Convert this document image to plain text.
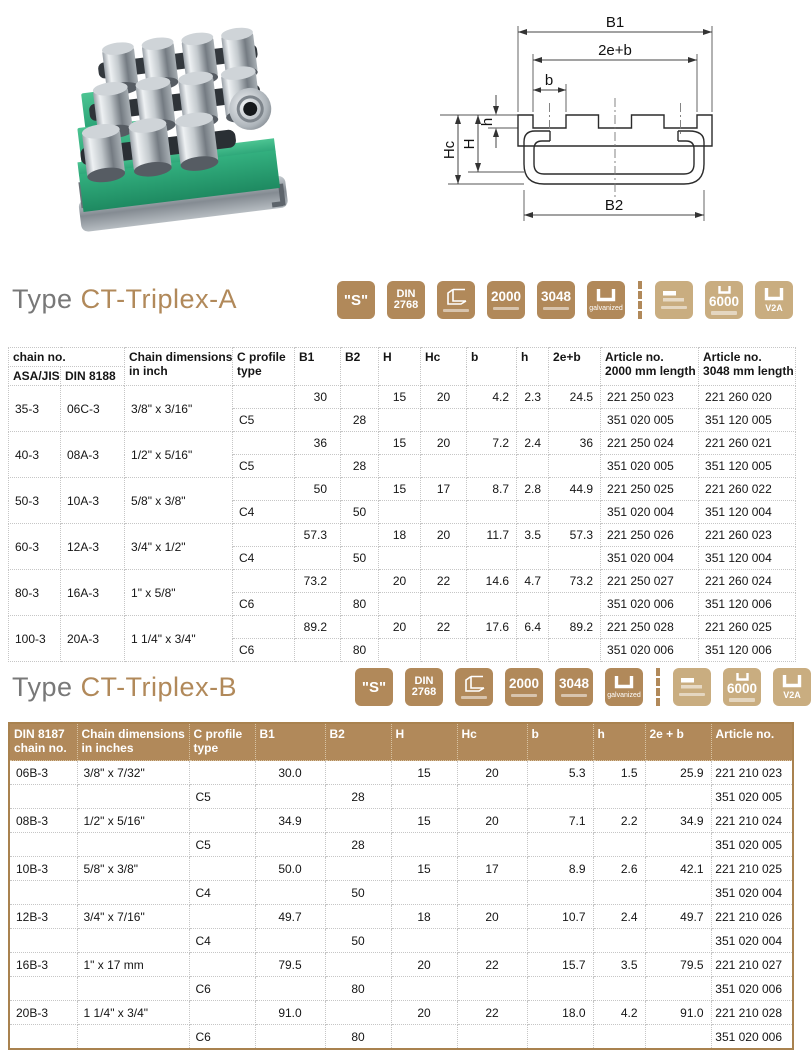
B1
2e+b
b
h
H
Hc
B2
Type CT-Triplex-A	"S"	DIN
2768
2000 3048
galvanized	6000	V2A
chain no.	Chain dimensions
in inch

C profile
type
	B1	B2	H	Hc	b	h	2e+b	Article no.
2000 mm length

Article no.
3048 mm length

ASA/JIS	DIN 8188											
35-3	06C-3	3/8" x 3/16"		30		15	20	4.2	2.3	24.5	221 250 023	221 260 020
			C5		28						351 020 005	351 120 005
40-3	08A-3	1/2" x 5/16"		36		15	20	7.2	2.4	36	221 250 024	221 260 021
			C5		28						351 020 005	351 120 005
50-3	10A-3	5/8" x 3/8"		50		15	17	8.7	2.8	44.9	221 250 025	221 260 022
			C4		50						351 020 004	351 120 004
60-3	12A-3	3/4" x 1/2"		57.3		18	20	11.7	3.5	57.3	221 250 026	221 260 023
			C4		50						351 020 004	351 120 004
80-3	16A-3	1" x 5/8"		73.2		20	22	14.6	4.7	73.2	221 250 027	221 260 024
			C6		80						351 020 006	351 120 006
100-3	20A-3	1 1/4" x 3/4"		89.2		20	22	17.6	6.4	89.2	221 250 028	221 260 025
			C6		80						351 020 006	351 120 006
Type CT-Triplex-B	"S"	DIN
2768
2000 3048
galvanized	6000	V2A
DIN 8187
chain no.

Chain dimensions
in inches

C profile
type
	B1	B2	H	Hc	b	h	2e + b	Article no.
06B-3	3/8" x 7/32"		30.0		15	20	5.3	1.5	25.9	221 210 023
		C5		28						351 020 005
08B-3	1/2" x 5/16"		34.9		15	20	7.1	2.2	34.9	221 210 024
		C5		28						351 020 005
10B-3	5/8" x 3/8"		50.0		15	17	8.9	2.6	42.1	221 210 025
		C4		50						351 020 004
12B-3	3/4" x 7/16"		49.7		18	20	10.7	2.4	49.7	221 210 026
		C4		50						351 020 004
16B-3	1" x 17 mm		79.5		20	22	15.7	3.5	79.5	221 210 027
		C6		80						351 020 006
20B-3	1 1/4" x 3/4"		91.0		20	22	18.0	4.2	91.0	221 210 028
		C6		80						351 020 006
